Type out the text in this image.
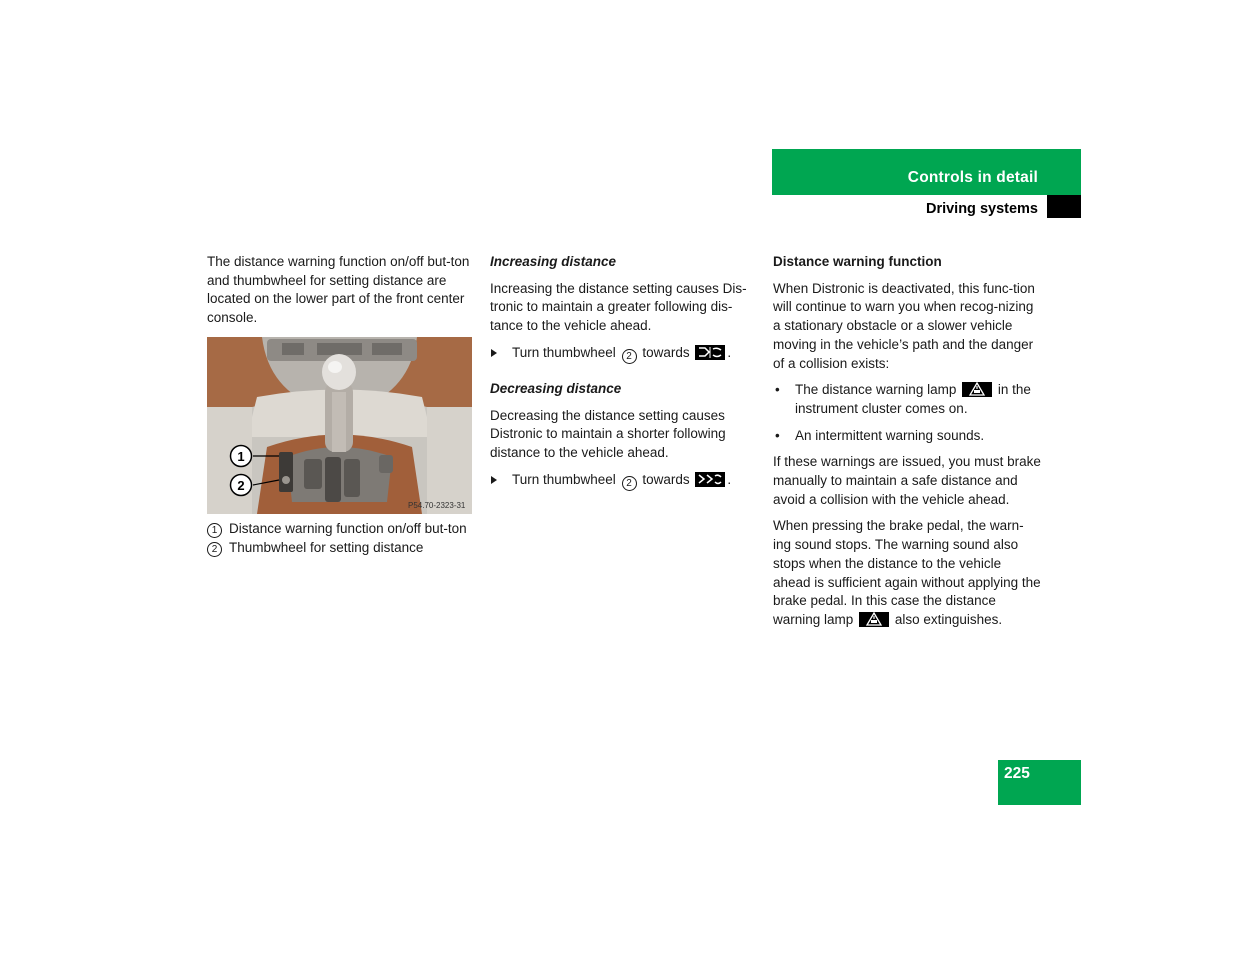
Controls in detail
Driving systems

The distance warning function on/off but-ton and thumbwheel for setting distance are located on the lower part of the front center console.

1
2
P54.70-2323-31
1 Distance warning function on/off but-ton
2 Thumbwheel for setting distance

Increasing distance

Increasing the distance setting causes Dis-tronic to maintain a greater following dis-tance to the vehicle ahead.

Turn thumbwheel 2 towards	.

Decreasing distance

Decreasing the distance setting causes Distronic to maintain a shorter following distance to the vehicle ahead.

Turn thumbwheel 2 towards	.

Distance warning function

When Distronic is deactivated, this func-tion will continue to warn you when recog-nizing a stationary obstacle or a slower vehicle moving in the vehicle’s path and the danger of a collision exists:

• The distance warning lamp	in the instrument cluster comes on.
• An intermittent warning sounds.

If these warnings are issued, you must brake manually to maintain a safe distance and avoid a collision with the vehicle ahead.

When pressing the brake pedal, the warn-ing sound stops. The warning sound also stops when the distance to the vehicle ahead is sufficient again without applying the brake pedal. In this case the distance warning lamp	also extinguishes.

225
